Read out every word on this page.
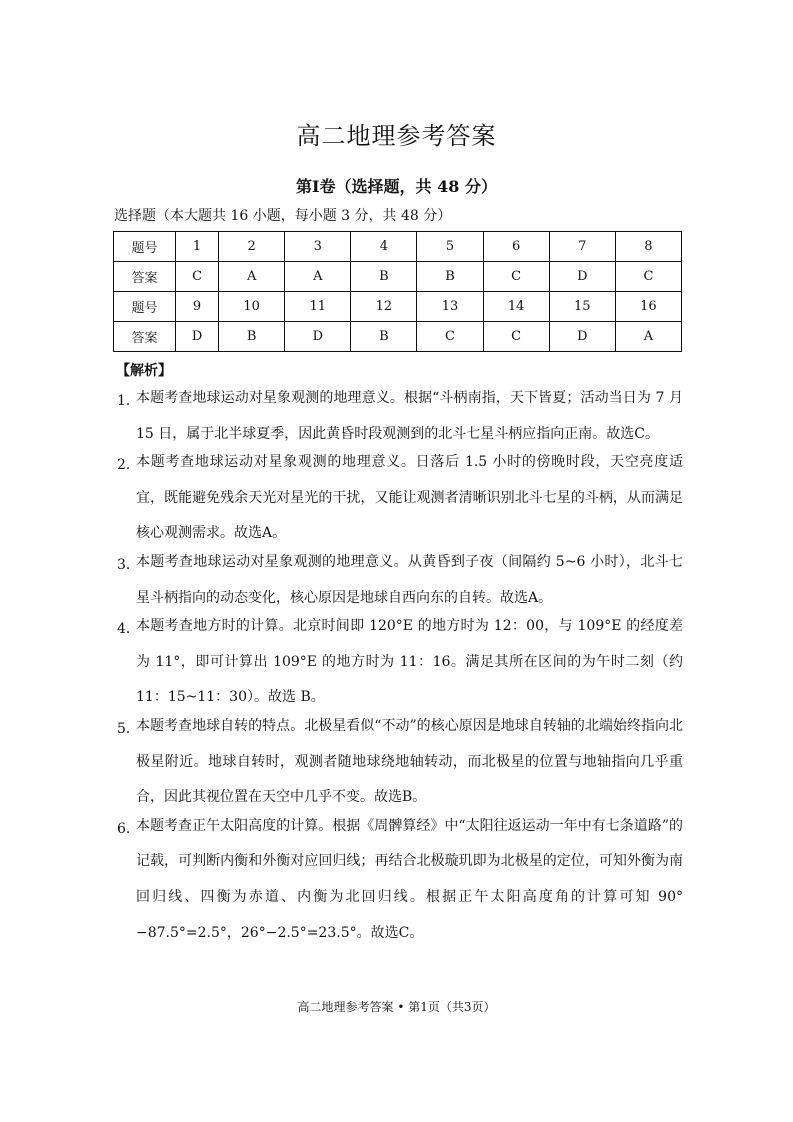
高二地理参考答案
第Ⅰ卷（选择题，共 48 分）
选择题（本大题共 16 小题，每小题 3 分，共 48 分）
题号	1	2	3	4	5	6	7	8
答案	C	A	A	B	B	C	D	C
题号	9	10	11	12	13	14	15	16
答案	D	B	D	B	C	C	D	A
【解析】
1．
本题考查地球运动对星象观测的地理意义。根据“斗柄南指，天下皆夏；活动当日为 7 月 15 日，属于北半球夏季，因此黄昏时段观测到的北斗七星斗柄应指向正南。故选C。
2．
本题考查地球运动对星象观测的地理意义。日落后 1.5 小时的傍晚时段，天空亮度适宜，既能避免残余天光对星光的干扰，又能让观测者清晰识别北斗七星的斗柄，从而满足核心观测需求。故选A。
3．
本题考查地球运动对星象观测的地理意义。从黄昏到子夜（间隔约 5~6 小时），北斗七星斗柄指向的动态变化，核心原因是地球自西向东的自转。故选A。
4．
本题考查地方时的计算。北京时间即 120°E 的地方时为 12：00，与 109°E 的经度差为 11°，即可计算出 109°E 的地方时为 11：16。满足其所在区间的为午时二刻（约 11：15~11：30）。故选 B。
5．
本题考查地球自转的特点。北极星看似“不动”的核心原因是地球自转轴的北端始终指向北极星附近。地球自转时，观测者随地球绕地轴转动，而北极星的位置与地轴指向几乎重合，因此其视位置在天空中几乎不变。故选B。
6．
本题考查正午太阳高度的计算。根据《周髀算经》中“太阳往返运动一年中有七条道路”的记载，可判断内衡和外衡对应回归线；再结合北极璇玑即为北极星的定位，可知外衡为南回归线、四衡为赤道、内衡为北回归线。根据正午太阳高度角的计算可知 90°−87.5°=2.5°，26°−2.5°=23.5°。故选C。
高二地理参考答案 • 第1页（共3页）
